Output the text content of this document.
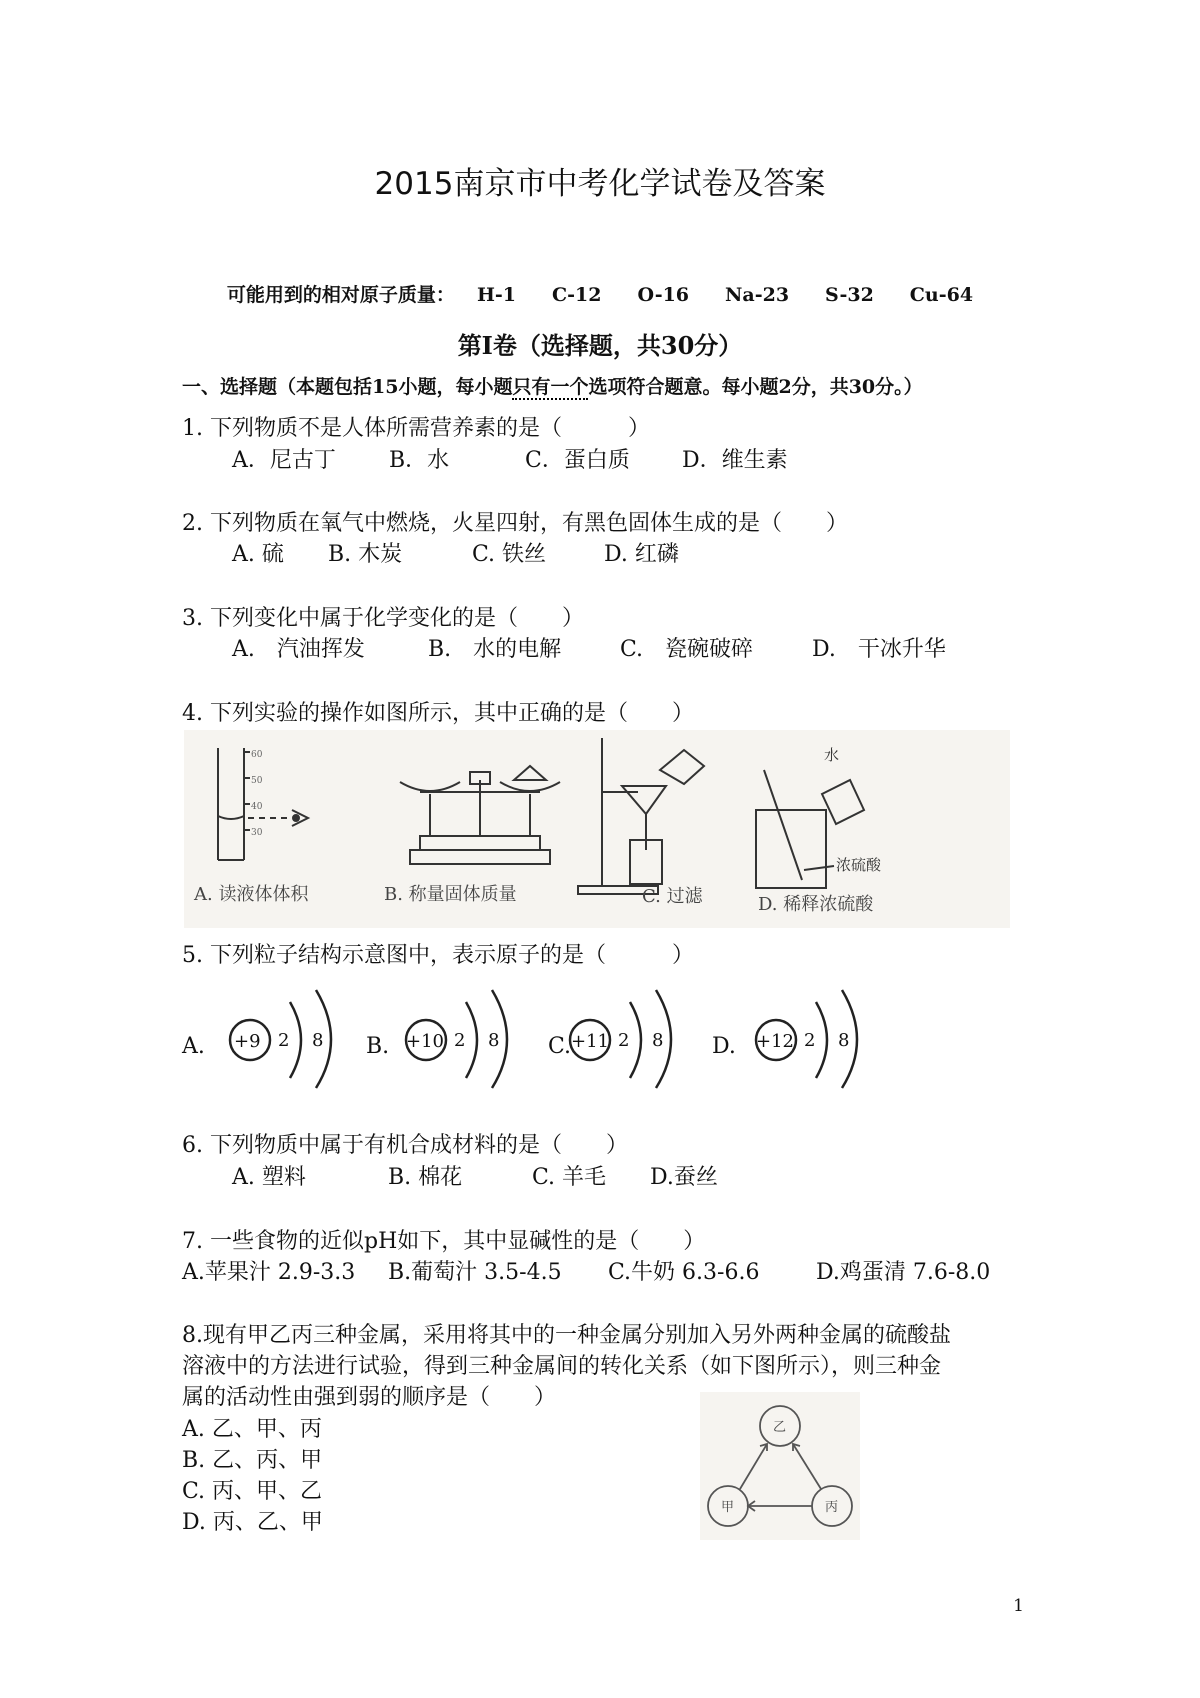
2015南京市中考化学试卷及答案
可能用到的相对原子质量： H-1 C-12 O-16 Na-23 S-32 Cu-64
第Ⅰ卷（选择题，共30分）
一、选择题（本题包括15小题，每小题只有一个选项符合题意。每小题2分，共30分。）
1. 下列物质不是人体所需营养素的是（　　　）
A．尼古丁 B．水	C．蛋白质 D．维生素
2. 下列物质在氧气中燃烧，火星四射，有黑色固体生成的是（　　）
A. 硫 B. 木炭	C. 铁丝	D. 红磷
3. 下列变化中属于化学变化的是（　　）
A.　汽油挥发	B.　水的电解	C.　瓷碗破碎	D.　干冰升华
4. 下列实验的操作如图所示，其中正确的是（　　）
60
50
40
30
A. 读液体体积	B. 称量固体质量	C. 过滤
水
浓硫酸
D. 稀释浓硫酸
5. 下列粒子结构示意图中，表示原子的是（　　　）
A.	B.	C.	D.
+9 2 8	+10 2 8	+11 2 8	+12 2 8
6. 下列物质中属于有机合成材料的是（　　）
A. 塑料	B. 棉花	C. 羊毛 D.蚕丝
7. 一些食物的近似pH如下，其中显碱性的是（　　）
A.苹果汁 2.9-3.3 B.葡萄汁 3.5-4.5 C.牛奶 6.3-6.6	D.鸡蛋清 7.6-8.0
8.现有甲乙丙三种金属，采用将其中的一种金属分别加入另外两种金属的硫酸盐
溶液中的方法进行试验，得到三种金属间的转化关系（如下图所示），则三种金
属的活动性由强到弱的顺序是（　　）
A. 乙、甲、丙
B. 乙、丙、甲
C. 丙、甲、乙
D. 丙、乙、甲
乙
甲	丙
1
